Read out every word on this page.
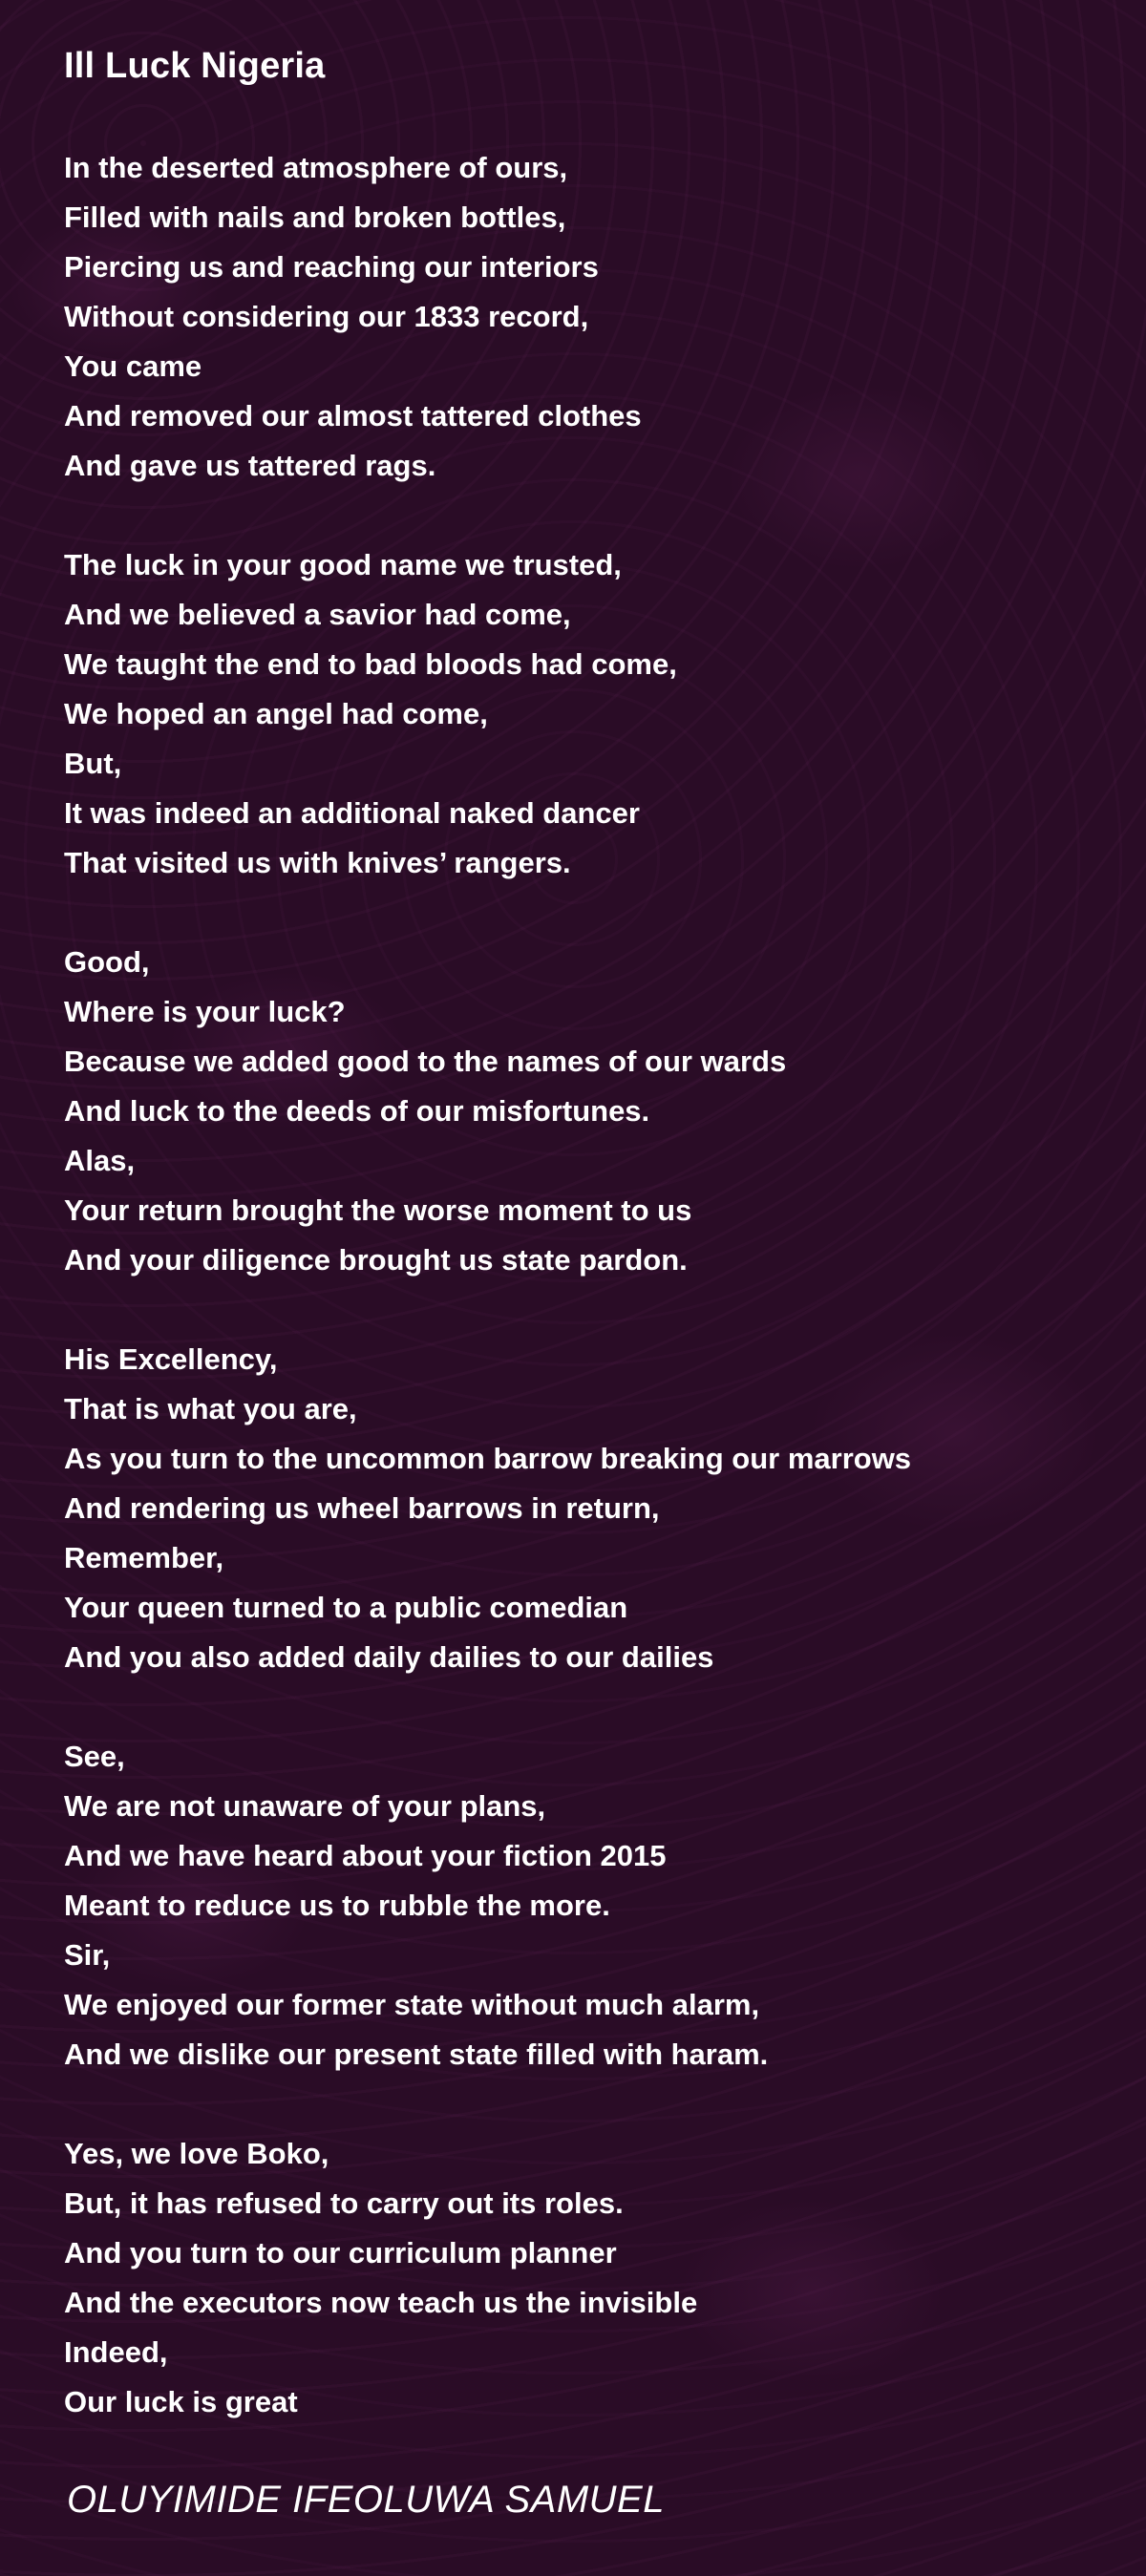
Ill Luck Nigeria
In the deserted atmosphere of ours,
Filled with nails and broken bottles,
Piercing us and reaching our interiors
Without considering our 1833 record,
You came
And removed our almost tattered clothes
And gave us tattered rags.
The luck in your good name we trusted,
And we believed a savior had come,
We taught the end to bad bloods had come,
We hoped an angel had come,
But,
It was indeed an additional naked dancer
That visited us with knives’ rangers.
Good,
Where is your luck?
Because we added good to the names of our wards
And luck to the deeds of our misfortunes.
Alas,
Your return brought the worse moment to us
And your diligence brought us state pardon.
His Excellency,
That is what you are,
As you turn to the uncommon barrow breaking our marrows
And rendering us wheel barrows in return,
Remember,
Your queen turned to a public comedian
And you also added daily dailies to our dailies
See,
We are not unaware of your plans,
And we have heard about your fiction 2015
Meant to reduce us to rubble the more.
Sir,
We enjoyed our former state without much alarm,
And we dislike our present state filled with haram.
Yes, we love Boko,
But, it has refused to carry out its roles.
And you turn to our curriculum planner
And the executors now teach us the invisible
Indeed,
Our luck is great

OLUYIMIDE IFEOLUWA SAMUEL
